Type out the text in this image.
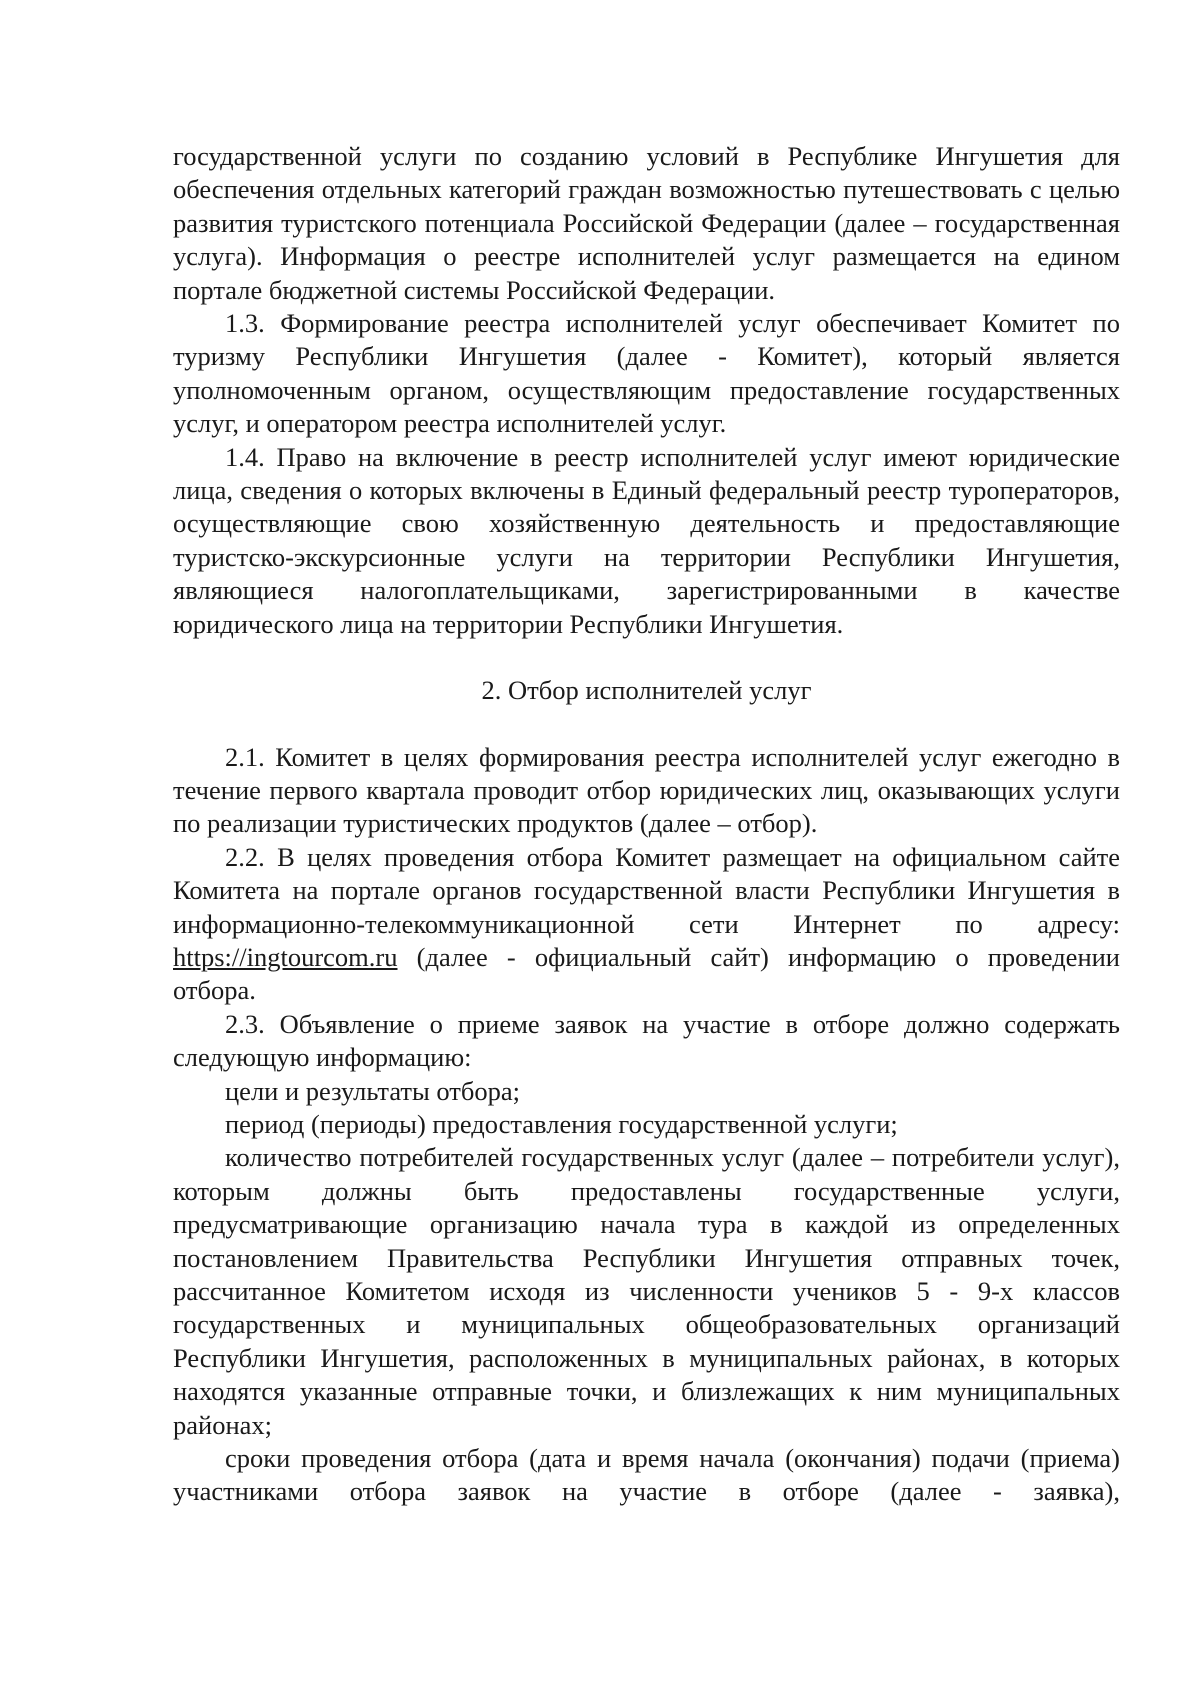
государственной услуги по созданию условий в Республике Ингушетия для обеспечения отдельных категорий граждан возможностью путешествовать с целью развития туристского потенциала Российской Федерации (далее – государственная услуга). Информация о реестре исполнителей услуг размещается на едином портале бюджетной системы Российской Федерации.

1.3. Формирование реестра исполнителей услуг обеспечивает Комитет по туризму Республики Ингушетия (далее - Комитет), который является уполномоченным органом, осуществляющим предоставление государственных услуг, и оператором реестра исполнителей услуг.

1.4. Право на включение в реестр исполнителей услуг имеют юридические лица, сведения о которых включены в Единый федеральный реестр туроператоров, осуществляющие свою хозяйственную деятельность и предоставляющие туристско-экскурсионные услуги на территории Республики Ингушетия, являющиеся налогоплательщиками, зарегистрированными в качестве юридического лица на территории Республики Ингушетия.

2. Отбор исполнителей услуг

2.1. Комитет в целях формирования реестра исполнителей услуг ежегодно в течение первого квартала проводит отбор юридических лиц, оказывающих услуги по реализации туристических продуктов (далее – отбор).

2.2. В целях проведения отбора Комитет размещает на официальном сайте Комитета на портале органов государственной власти Республики Ингушетия в информационно-телекоммуникационной сети Интернет по адресу: https://ingtourcom.ru (далее - официальный сайт) информацию о проведении отбора.

2.3. Объявление о приеме заявок на участие в отборе должно содержать следующую информацию:

цели и результаты отбора;

период (периоды) предоставления государственной услуги;

количество потребителей государственных услуг (далее – потребители услуг), которым должны быть предоставлены государственные услуги, предусматривающие организацию начала тура в каждой из определенных постановлением Правительства Республики Ингушетия отправных точек, рассчитанное Комитетом исходя из численности учеников 5 - 9-х классов государственных и муниципальных общеобразовательных организаций Республики Ингушетия, расположенных в муниципальных районах, в которых находятся указанные отправные точки, и близлежащих к ним муниципальных районах;

сроки проведения отбора (дата и время начала (окончания) подачи (приема) участниками отбора заявок на участие в отборе (далее - заявка),
